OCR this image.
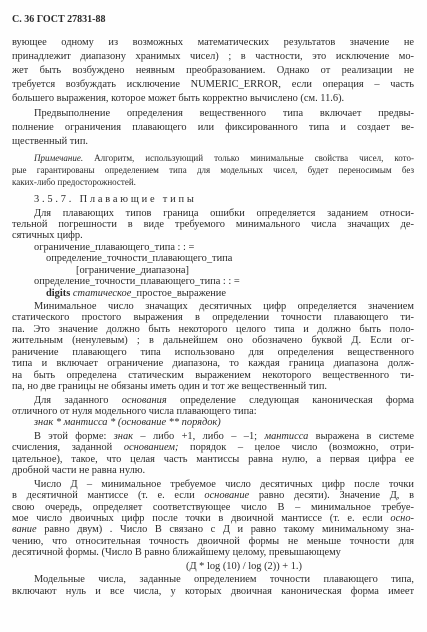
С. 36 ГОСТ 27831-88
вующее одному из возможных математических результатов значение не
принадлежит диапазону хранимых чисел) ; в частности, это исключение мо-
жет быть возбуждено неявным преобразованием. Однако от реализации не
требуется возбуждать исключение NUMERIC_ERROR, если операция – часть
большего выражения, которое может быть корректно вычислено (см. 11.6).
Предвыполнение определения вещественного типа включает предвы-
полнение ограничения плавающего или фиксированного типа и создает ве-
щественный тип.
Примечание. Алгоритм, использующий только минимальные свойства чисел, кото-
рые гарантированы определением типа для модельных чисел, будет переносимым без
каких-либо предосторожностей.
3.5.7. Плавающие типы
Для плавающих типов граница ошибки определяется заданием относи-
тельной погрешности в виде требуемого минимального числа значащих де-
сятичных цифр.
ограничение_плавающего_типа : : =
определение_точности_плавающего_типа
[ограничение_диапазона]
определение_точности_плавающего_типа : : =
digits статическое_простое_выражение
Минимальное число значащих десятичных цифр определяется значением
статического простого выражения в определении точности плавающего ти-
па. Это значение должно быть некоторого целого типа и должно быть поло-
жительным (ненулевым) ; в дальнейшем оно обозначено буквой Д. Если ог-
раничение плавающего типа использовано для определения вещественного
типа и включает ограничение диапазона, то каждая граница диапазона долж-
на быть определена статическим выражением некоторого вещественного ти-
па, но две границы не обязаны иметь один и тот же вещественный тип.
Для заданного основания определение следующая каноническая форма
отличного от нуля модельного числа плавающего типа:
знак * мантисса * (основание ** порядок)
В этой форме: знак – либо +1, либо – –1; мантисса выражена в системе
счисления, заданной основанием; порядок – целое число (возможно, отри-
цательное), такое, что целая часть мантиссы равна нулю, а первая цифра ее
дробной части не равна нулю.
Число Д – минимальное требуемое число десятичных цифр после точки
в десятичной мантиссе (т. е. если основание равно десяти). Значение Д, в
свою очередь, определяет соответствующее число В – минимальное требуе-
мое число двоичных цифр после точки в двоичной мантиссе (т. е. если осно-
вание равно двум) . Число В связано с Д и равно такому минимальному зна-
чению, что относительная точность двоичной формы не меньше точности для
десятичной формы. (Число В равно ближайшему целому, превышающему
(Д * log (10) / log (2)) + 1.)
Модельные числа, заданные определением точности плавающего типа,
включают нуль и все числа, у которых двоичная каноническая форма имеет
